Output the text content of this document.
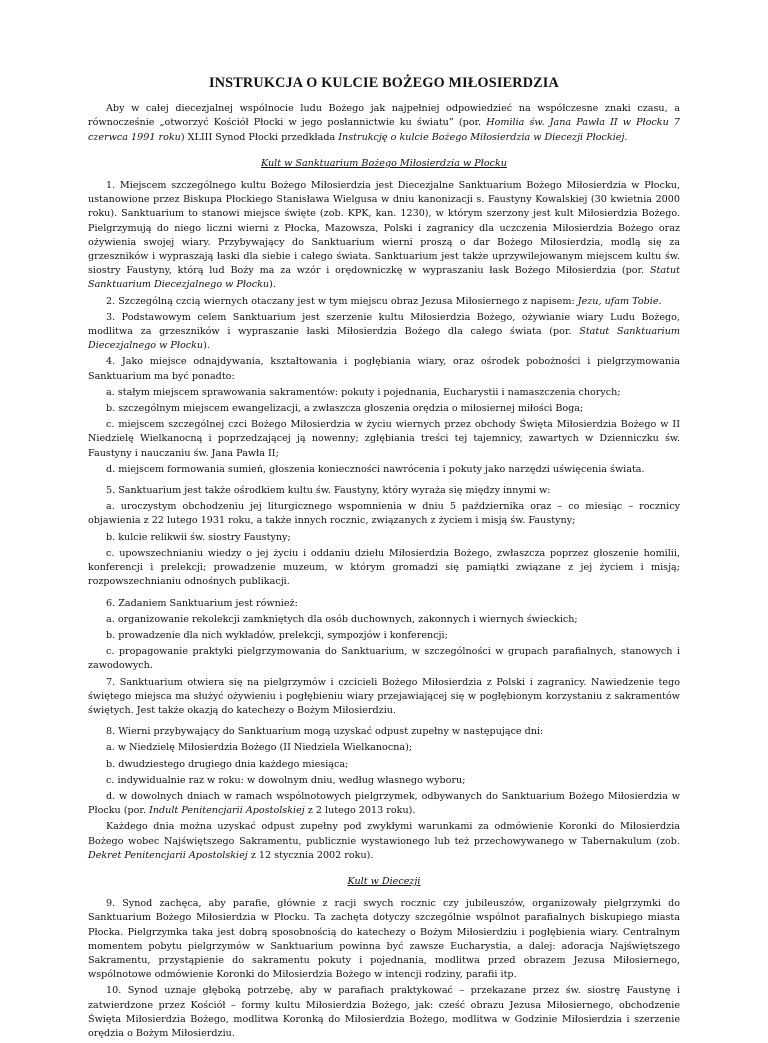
INSTRUKCJA O KULCIE BOŻEGO MIŁOSIERDZIA

Aby w całej diecezjalnej wspólnocie ludu Bożego jak najpełniej odpowiedzieć na współczesne znaki czasu, a równocześnie „otworzyć Kościół Płocki w jego posłannictwie ku światu” (por. Homilia św. Jana Pawła II w Płocku 7 czerwca 1991 roku) XLIII Synod Płocki przedkłada Instrukcję o kulcie Bożego Miłosierdzia w Diecezji Płockiej.

Kult w Sanktuarium Bożego Miłosierdzia w Płocku

1. Miejscem szczególnego kultu Bożego Miłosierdzia jest Diecezjalne Sanktuarium Bożego Miłosierdzia w Płocku, ustanowione przez Biskupa Płockiego Stanisława Wielgusa w dniu kanonizacji s. Faustyny Kowalskiej (30 kwietnia 2000 roku). Sanktuarium to stanowi miejsce święte (zob. KPK, kan. 1230), w którym szerzony jest kult Miłosierdzia Bożego. Pielgrzymują do niego liczni wierni z Płocka, Mazowsza, Polski i zagranicy dla uczczenia Miłosierdzia Bożego oraz ożywienia swojej wiary. Przybywający do Sanktuarium wierni proszą o dar Bożego Miłosierdzia, modlą się za grzeszników i wypraszają łaski dla siebie i całego świata. Sanktuarium jest także uprzywilejowanym miejscem kultu św. siostry Faustyny, którą lud Boży ma za wzór i orędowniczkę w wypraszaniu łask Bożego Miłosierdzia (por. Statut Sanktuarium Diecezjalnego w Płocku).

2. Szczególną czcią wiernych otaczany jest w tym miejscu obraz Jezusa Miłosiernego z napisem: Jezu, ufam Tobie.

3. Podstawowym celem Sanktuarium jest szerzenie kultu Miłosierdzia Bożego, ożywianie wiary Ludu Bożego, modlitwa za grzeszników i wypraszanie łaski Miłosierdzia Bożego dla całego świata (por. Statut Sanktuarium Diecezjalnego w Płocku).

4. Jako miejsce odnajdywania, kształtowania i pogłębiania wiary, oraz ośrodek pobożności i pielgrzymowania Sanktuarium ma być ponadto:

a. stałym miejscem sprawowania sakramentów: pokuty i pojednania, Eucharystii i namaszczenia chorych;

b. szczególnym miejscem ewangelizacji, a zwłaszcza głoszenia orędzia o miłosiernej miłości Boga;

c. miejscem szczególnej czci Bożego Miłosierdzia w życiu wiernych przez obchody Święta Miłosierdzia Bożego w II Niedzielę Wielkanocną i poprzedzającej ją nowenny; zgłębiania treści tej tajemnicy, zawartych w Dzienniczku św. Faustyny i nauczaniu św. Jana Pawła II;

d. miejscem formowania sumień, głoszenia konieczności nawrócenia i pokuty jako narzędzi uświęcenia świata.

5. Sanktuarium jest także ośrodkiem kultu św. Faustyny, który wyraża się między innymi w:

a. uroczystym obchodzeniu jej liturgicznego wspomnienia w dniu 5 października oraz – co miesiąc – rocznicy objawienia z 22 lutego 1931 roku, a także innych rocznic, związanych z życiem i misją św. Faustyny;

b. kulcie relikwii św. siostry Faustyny;

c. upowszechnianiu wiedzy o jej życiu i oddaniu dziełu Miłosierdzia Bożego, zwłaszcza poprzez głoszenie homilii, konferencji i prelekcji; prowadzenie muzeum, w którym gromadzi się pamiątki związane z jej życiem i misją; rozpowszechnianiu odnośnych publikacji.

6. Zadaniem Sanktuarium jest również:

a. organizowanie rekolekcji zamkniętych dla osób duchownych, zakonnych i wiernych świeckich;

b. prowadzenie dla nich wykładów, prelekcji, sympozjów i konferencji;

c. propagowanie praktyki pielgrzymowania do Sanktuarium, w szczególności w grupach parafialnych, stanowych i zawodowych.

7. Sanktuarium otwiera się na pielgrzymów i czcicieli Bożego Miłosierdzia z Polski i zagranicy. Nawiedzenie tego świętego miejsca ma służyć ożywieniu i pogłębieniu wiary przejawiającej się w pogłębionym korzystaniu z sakramentów świętych. Jest także okazją do katechezy o Bożym Miłosierdziu.

8. Wierni przybywający do Sanktuarium mogą uzyskać odpust zupełny w następujące dni:

a. w Niedzielę Miłosierdzia Bożego (II Niedziela Wielkanocna);

b. dwudziestego drugiego dnia każdego miesiąca;

c. indywidualnie raz w roku: w dowolnym dniu, według własnego wyboru;

d. w dowolnych dniach w ramach wspólnotowych pielgrzymek, odbywanych do Sanktuarium Bożego Miłosierdzia w Płocku (por. Indult Penitencjarii Apostolskiej z 2 lutego 2013 roku).

Każdego dnia można uzyskać odpust zupełny pod zwykłymi warunkami za odmówienie Koronki do Miłosierdzia Bożego wobec Najświętszego Sakramentu, publicznie wystawionego lub też przechowywanego w Tabernakulum (zob. Dekret Penitencjarii Apostolskiej z 12 stycznia 2002 roku).

Kult w Diecezji

9. Synod zachęca, aby parafie, głównie z racji swych rocznic czy jubileuszów, organizowały pielgrzymki do Sanktuarium Bożego Miłosierdzia w Płocku. Ta zachęta dotyczy szczególnie wspólnot parafialnych biskupiego miasta Płocka. Pielgrzymka taka jest dobrą sposobnością do katechezy o Bożym Miłosierdziu i pogłębienia wiary. Centralnym momentem pobytu pielgrzymów w Sanktuarium powinna być zawsze Eucharystia, a dalej: adoracja Najświętszego Sakramentu, przystąpienie do sakramentu pokuty i pojednania, modlitwa przed obrazem Jezusa Miłosiernego, wspólnotowe odmówienie Koronki do Miłosierdzia Bożego w intencji rodziny, parafii itp.

10. Synod uznaje głęboką potrzebę, aby w parafiach praktykować – przekazane przez św. siostrę Faustynę i zatwierdzone przez Kościół – formy kultu Miłosierdzia Bożego, jak: cześć obrazu Jezusa Miłosiernego, obchodzenie Święta Miłosierdzia Bożego, modlitwa Koronką do Miłosierdzia Bożego, modlitwa w Godzinie Miłosierdzia i szerzenie orędzia o Bożym Miłosierdziu.
